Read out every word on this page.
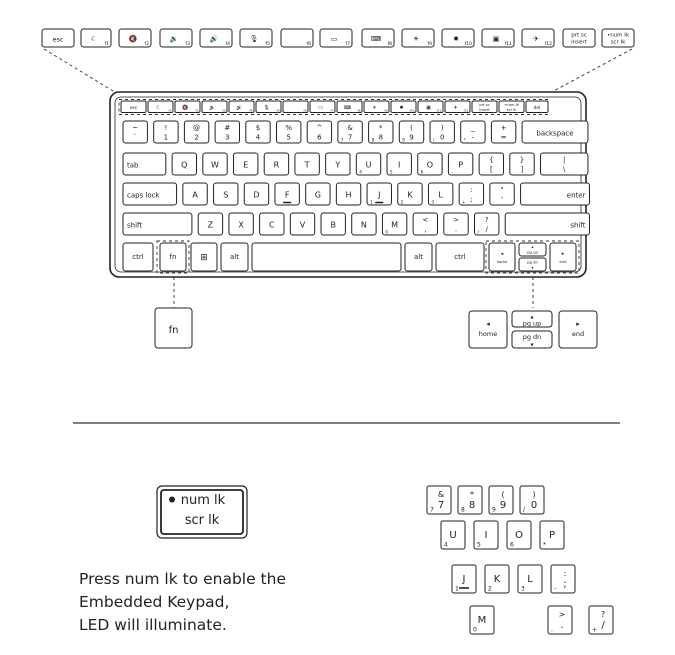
esc	☾
f1
🔇
f2
🔉
f3
🔊
f4
🎙
f5	f6
▭
f7
⌨
f8
☀
f9
✹
f10
▣
f11
✈
f12
prt sc
insert
•num lk
scr lk
esc	☾	f1 🔇 f2 🔉 f3 🔊 f4 🎙 f5	f6 ▭	f7 ⌨ f8 ☀	f9 ✹ f10 ▣ f11 ✈ f12
prt sc
insert
•num lk
scr lk	del
~
`
!
1
@
2
#
3
$
4
%
5
^
6
&
7
7
*
8
8
(
9
9
)
0
/
_
-
*
+
=	backspace
tab	Q	W	E	R	T	Y	U
4
I
5
O
6
P
-
{
[
}
]
|
\
caps lock	A	S	D	F	G	H	J
1
K
2
L
3
:
;
+
"
'	enter
shift	Z	X	C	V	B	N	M
0
<
,
>
.
.
?
/
/
shift
ctrl	fn	⊞	alt	alt	ctrl	◂
home
▴
pg up
pg dn
▾
▸
end
fn
◂
home
▴
pg up
pg dn
▾
▸
end
num lk
scr lk
&
7
7
*
8
8
(
9
9
)
0
/
U
4
I
5
O
6
P
*
J
1
K
2
L
3
:
;
-
M
0
>
.
.
?
/
+
Press num lk to enable the
Embedded Keypad,
LED will illuminate.
